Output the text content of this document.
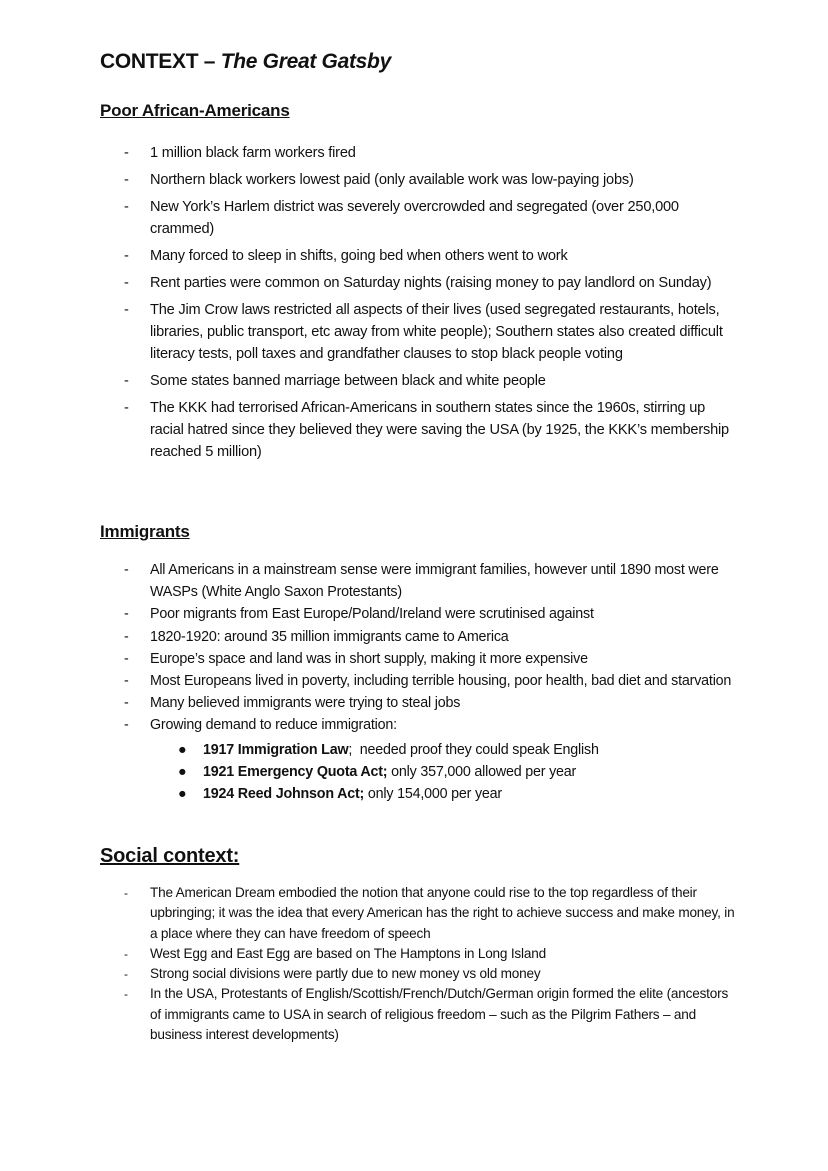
CONTEXT – The Great Gatsby
Poor African-Americans
- 1 million black farm workers fired
- Northern black workers lowest paid (only available work was low-paying jobs)
- New York’s Harlem district was severely overcrowded and segregated (over 250,000 crammed)
- Many forced to sleep in shifts, going bed when others went to work
- Rent parties were common on Saturday nights (raising money to pay landlord on Sunday)
- The Jim Crow laws restricted all aspects of their lives (used segregated restaurants, hotels, libraries, public transport, etc away from white people); Southern states also created difficult literacy tests, poll taxes and grandfather clauses to stop black people voting
- Some states banned marriage between black and white people
- The KKK had terrorised African-Americans in southern states since the 1960s, stirring up racial hatred since they believed they were saving the USA (by 1925, the KKK’s membership reached 5 million)
Immigrants
- All Americans in a mainstream sense were immigrant families, however until 1890 most were WASPs (White Anglo Saxon Protestants)
- Poor migrants from East Europe/Poland/Ireland were scrutinised against
- 1820-1920: around 35 million immigrants came to America
- Europe’s space and land was in short supply, making it more expensive
- Most Europeans lived in poverty, including terrible housing, poor health, bad diet and starvation
- Many believed immigrants were trying to steal jobs
- Growing demand to reduce immigration:
● 1917 Immigration Law;  needed proof they could speak English
● 1921 Emergency Quota Act; only 357,000 allowed per year
● 1924 Reed Johnson Act; only 154,000 per year
Social context:
- The American Dream embodied the notion that anyone could rise to the top regardless of their upbringing; it was the idea that every American has the right to achieve success and make money, in a place where they can have freedom of speech
- West Egg and East Egg are based on The Hamptons in Long Island
- Strong social divisions were partly due to new money vs old money
- In the USA, Protestants of English/Scottish/French/Dutch/German origin formed the elite (ancestors of immigrants came to USA in search of religious freedom – such as the Pilgrim Fathers – and business interest developments)
